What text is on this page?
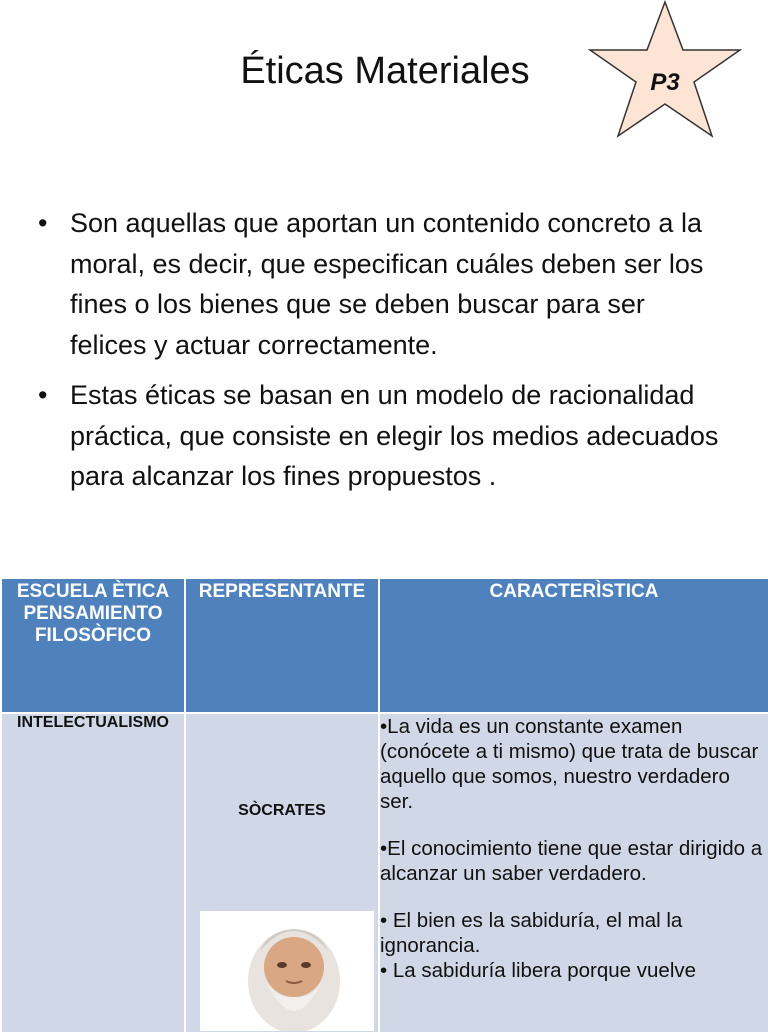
Éticas Materiales	P3
• Son aquellas que aportan un contenido concreto a la moral, es decir, que especifican cuáles deben ser los fines o los bienes que se deben buscar para ser felices y actuar correctamente.
• Estas éticas se basan en un modelo de racionalidad práctica, que consiste en elegir los medios adecuados para alcanzar los fines propuestos .
ESCUELA ÈTICA PENSAMIENTO FILOSÒFICO	REPRESENTANTE	CARACTERÌSTICA

INTELECTUALISMO	SÒCRATES	•La vida es un constante examen (conócete a ti mismo) que trata de buscar aquello que somos, nuestro verdadero ser.

•El conocimiento tiene que estar dirigido a alcanzar un saber verdadero.

• El bien es la sabiduría, el mal la ignorancia.

• La sabiduría libera porque vuelve
